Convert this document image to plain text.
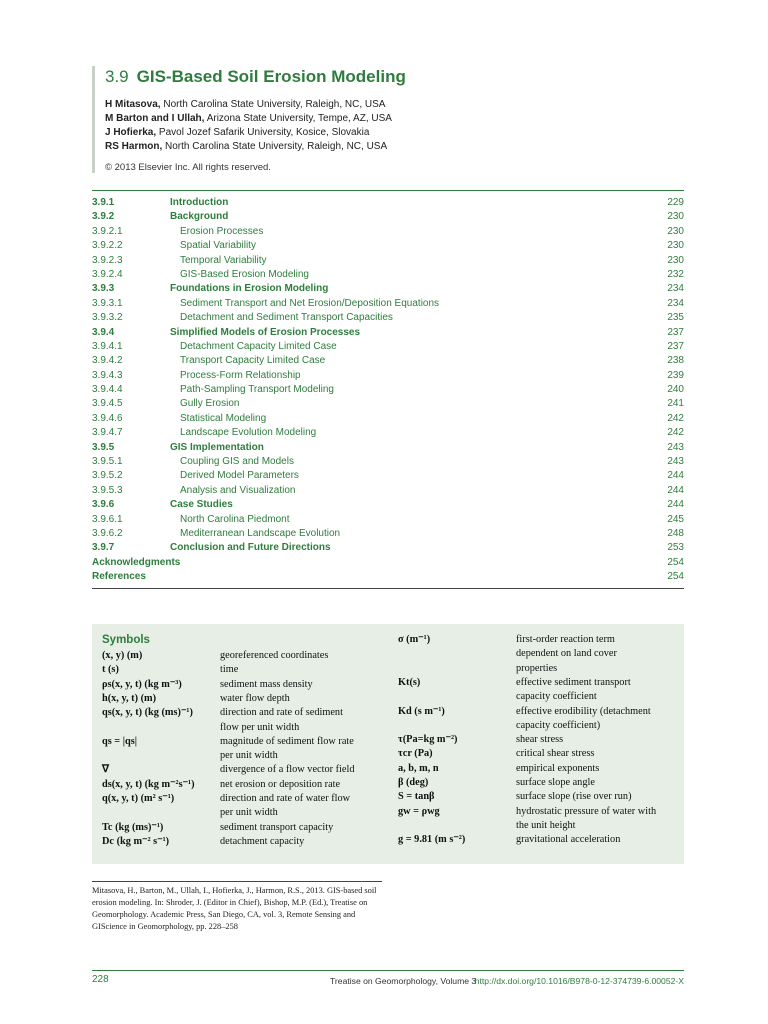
3.9 GIS-Based Soil Erosion Modeling
H Mitasova, North Carolina State University, Raleigh, NC, USA
M Barton and I Ullah, Arizona State University, Tempe, AZ, USA
J Hofierka, Pavol Jozef Safarik University, Kosice, Slovakia
RS Harmon, North Carolina State University, Raleigh, NC, USA
© 2013 Elsevier Inc. All rights reserved.
3.9.1	Introduction	229
3.9.2	Background	230
3.9.2.1	Erosion Processes	230
3.9.2.2	Spatial Variability	230
3.9.2.3	Temporal Variability	230
3.9.2.4	GIS-Based Erosion Modeling	232
3.9.3	Foundations in Erosion Modeling	234
3.9.3.1	Sediment Transport and Net Erosion/Deposition Equations	234
3.9.3.2	Detachment and Sediment Transport Capacities	235
3.9.4	Simplified Models of Erosion Processes	237
3.9.4.1	Detachment Capacity Limited Case	237
3.9.4.2	Transport Capacity Limited Case	238
3.9.4.3	Process-Form Relationship	239
3.9.4.4	Path-Sampling Transport Modeling	240
3.9.4.5	Gully Erosion	241
3.9.4.6	Statistical Modeling	242
3.9.4.7	Landscape Evolution Modeling	242
3.9.5	GIS Implementation	243
3.9.5.1	Coupling GIS and Models	243
3.9.5.2	Derived Model Parameters	244
3.9.5.3	Analysis and Visualization	244
3.9.6	Case Studies	244
3.9.6.1	North Carolina Piedmont	245
3.9.6.2	Mediterranean Landscape Evolution	248
3.9.7	Conclusion and Future Directions	253
Acknowledgments	254
References	254
Symbols
(x, y) (m)	georeferenced coordinates
t (s)	time
ρs(x, y, t) (kg m⁻³)	sediment mass density
h(x, y, t) (m)	water flow depth
qs(x, y, t) (kg (ms)⁻¹)	direction and rate of sediment
flow per unit width
qs = |qs|	magnitude of sediment flow rate
per unit width
∇	divergence of a flow vector field
ds(x, y, t) (kg m⁻²s⁻¹) net erosion or deposition rate
q(x, y, t) (m² s⁻¹)	direction and rate of water flow
per unit width
Tc (kg (ms)⁻¹)	sediment transport capacity
Dc (kg m⁻² s⁻¹)	detachment capacity
σ (m⁻¹)	first-order reaction term
dependent on land cover
properties
Kt(s)	effective sediment transport
capacity coefficient
Kd (s m⁻¹)	effective erodibility (detachment
capacity coefficient)
τ(Pa=kg m⁻²)	shear stress
τcr (Pa)	critical shear stress
a, b, m, n	empirical exponents
β (deg)	surface slope angle
S = tanβ	surface slope (rise over run)
gw = ρwg	hydrostatic pressure of water with
the unit height
g = 9.81 (m s⁻²)	gravitational acceleration
Mitasova, H., Barton, M., Ullah, I., Hofierka, J., Harmon, R.S., 2013. GIS-based soil erosion modeling. In: Shroder, J. (Editor in Chief), Bishop, M.P. (Ed.), Treatise on Geomorphology. Academic Press, San Diego, CA, vol. 3, Remote Sensing and GIScience in Geomorphology, pp. 228–258
228	Treatise on Geomorphology, Volume 3
http://dx.doi.org/10.1016/B978-0-12-374739-6.00052-X
